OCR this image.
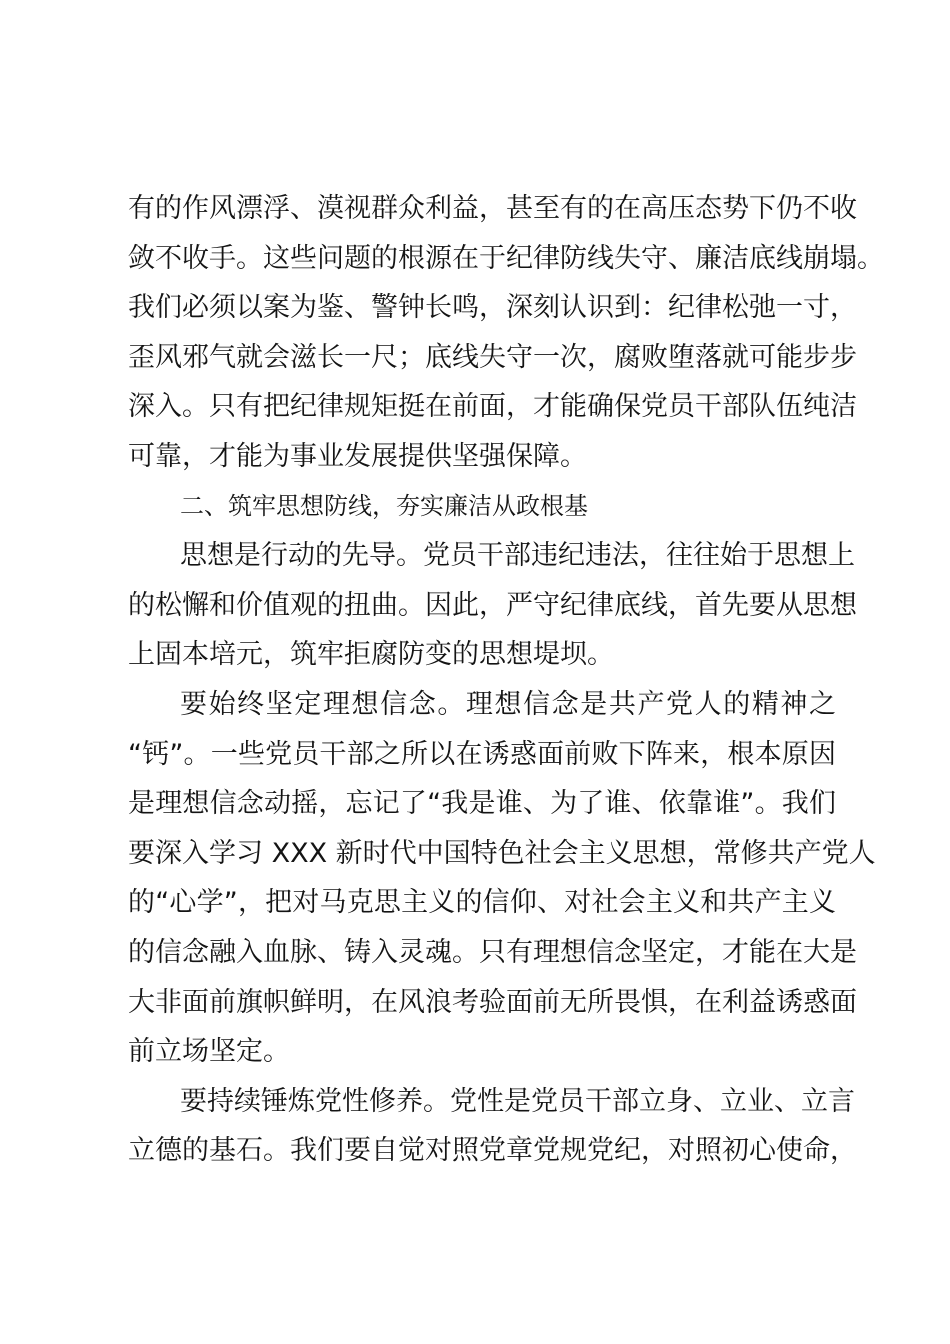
有的作风漂浮、漠视群众利益，甚至有的在高压态势下仍不收
敛不收手。这些问题的根源在于纪律防线失守、廉洁底线崩塌。
我们必须以案为鉴、警钟长鸣，深刻认识到：纪律松弛一寸，
歪风邪气就会滋长一尺；底线失守一次，腐败堕落就可能步步
深入。只有把纪律规矩挺在前面，才能确保党员干部队伍纯洁
可靠，才能为事业发展提供坚强保障。
二、筑牢思想防线，夯实廉洁从政根基
思想是行动的先导。党员干部违纪违法，往往始于思想上
的松懈和价值观的扭曲。因此，严守纪律底线，首先要从思想
上固本培元，筑牢拒腐防变的思想堤坝。
要始终坚定理想信念。理想信念是共产党人的精神之
“钙”。一些党员干部之所以在诱惑面前败下阵来，根本原因
是理想信念动摇，忘记了“我是谁、为了谁、依靠谁”。我们
要深入学习 XXX 新时代中国特色社会主义思想，常修共产党人
的“心学”，把对马克思主义的信仰、对社会主义和共产主义
的信念融入血脉、铸入灵魂。只有理想信念坚定，才能在大是
大非面前旗帜鲜明，在风浪考验面前无所畏惧，在利益诱惑面
前立场坚定。
要持续锤炼党性修养。党性是党员干部立身、立业、立言
立德的基石。我们要自觉对照党章党规党纪，对照初心使命，
